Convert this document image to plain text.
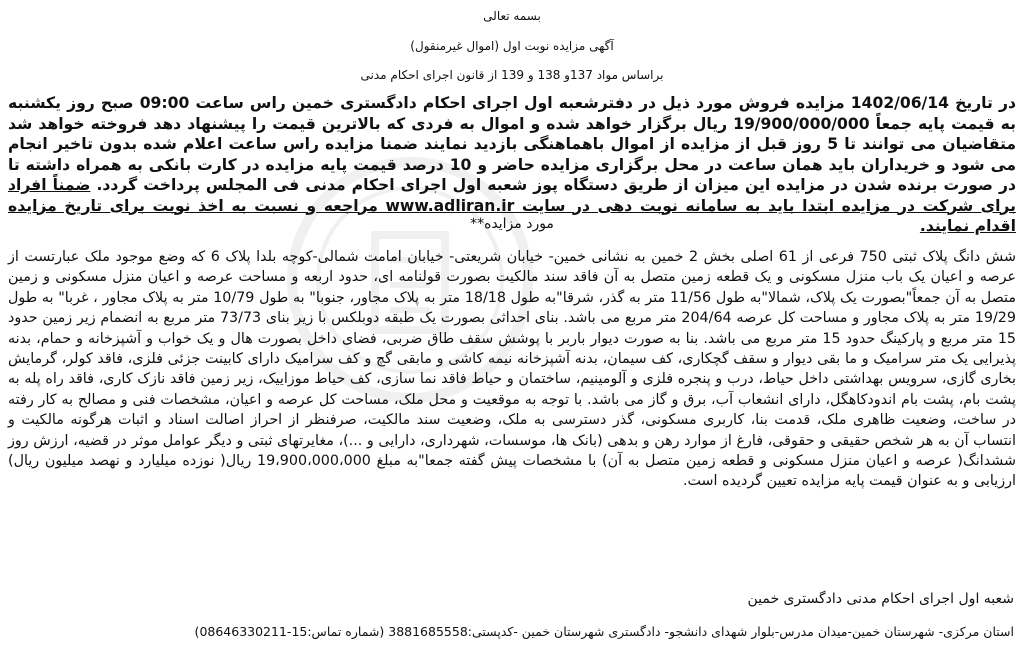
بسمه تعالی
آگهی مزایده نوبت اول (اموال غیرمنقول)
براساس مواد 137و 138 و 139 از قانون اجرای احکام مدنی
در تاریخ 1402/06/14 مزایده فروش مورد ذیل در دفترشعبه اول اجرای احکام دادگستری خمین راس ساعت 09:00 صبح روز یکشنبه به قیمت پایه جمعاً 19/900/000/000 ریال برگزار خواهد شده و اموال به فردی که بالاترین قیمت را پیشنهاد دهد فروخته خواهد شد متقاضیان می توانند تا 5 روز قبل از مزایده از اموال باهماهنگی بازدید نمایند ضمنا مزایده راس ساعت اعلام شده بدون تاخیر انجام می شود و خریداران باید همان ساعت در محل برگزاری مزایده حاضر و 10 درصد قیمت پایه مزایده در کارت بانکی به همراه داشته تا در صورت برنده شدن در مزایده این میزان از طریق دستگاه پوز شعبه اول اجرای احکام مدنی فی المجلس پرداخت گردد. ضمناً افراد برای شرکت در مزایده ابتدا باید به سامانه نوبت دهی در سایت www.adliran.ir مراجعه و نسبت به اخذ نوبت برای تاریخ مزایده اقدام نمایند.
مورد مزایده**
شش دانگ پلاک ثبتی 750 فرعی از 61 اصلی بخش 2 خمین به نشانی خمین- خیابان شریعتی- خیابان امامت شمالی-کوچه بلدا پلاک 6 که وضع موجود ملک عبارتست از عرصه و اعیان یک باب منزل مسکونی و یک قطعه زمین متصل به آن فاقد سند مالکیت بصورت قولنامه ای، حدود اربعه و مساحت عرصه و اعیان منزل مسکونی و زمین متصل به آن جمعاً"بصورت یک پلاک، شمالا"به طول 11/56 متر به گذر، شرقا"به طول 18/18 متر به پلاک مجاور، جنوبا" به طول 10/79 متر به پلاک مجاور ، غربا" به طول 19/29 متر به پلاک مجاور و مساحت کل عرصه 204/64 متر مربع می باشد. بنای احداثی بصورت یک طبقه دوبلکس با زیر بنای 73/73 متر مربع به انضمام زیر زمین حدود 15 متر مربع و پارکینگ حدود 15 متر مربع می باشد. بنا به صورت دیوار باربر با پوشش سقف طاق ضربی، فضای داخل بصورت هال و یک خواب و آشپزخانه و حمام، بدنه پذیرایی یک متر سرامیک و ما بقی دیوار و سقف گچکاری، کف سیمان، بدنه آشپزخانه نیمه کاشی و مابقی گچ و کف سرامیک دارای کابینت جزئی فلزی، فاقد کولر، گرمایش بخاری گازی، سرویس بهداشتی داخل حیاط، درب و پنجره فلزی و آلومینیم، ساختمان و حیاط فاقد نما سازی، کف حیاط موزاییک، زیر زمین فاقد نازک کاری، فاقد راه پله به پشت بام، پشت بام اندودکاهگل، دارای انشعاب آب، برق و گاز می باشد. با توجه به موقعیت و محل ملک، مساحت کل عرصه و اعیان، مشخصات فنی و مصالح به کار رفته در ساخت، وضعیت ظاهری ملک، قدمت بنا، کاربری مسکونی، گذر دسترسی به ملک، وضعیت سند مالکیت، صرفنظر از احراز اصالت اسناد و اثبات هرگونه مالکیت و انتساب آن به هر شخص حقیقی و حقوقی، فارغ از موارد رهن و بدهی (بانک ها، موسسات، شهرداری، دارایی و ...)، مغایرتهای ثبتی و دیگر عوامل موثر در قضیه، ارزش روز ششدانگ( عرصه و اعیان منزل مسکونی و قطعه زمین متصل به آن) با مشخصات پیش گفته جمعا"به مبلغ 19،900،000،000 ریال( نوزده میلیارد و نهصد میلیون ریال) ارزیابی و به عنوان قیمت پایه مزایده تعیین گردیده است.
شعبه اول اجرای احکام مدنی دادگستری خمین
استان مرکزی- شهرستان خمین-میدان مدرس-بلوار شهدای دانشجو- دادگستری شهرستان خمین -کدپستی:3881685558 (شماره تماس:15-08646330211)
